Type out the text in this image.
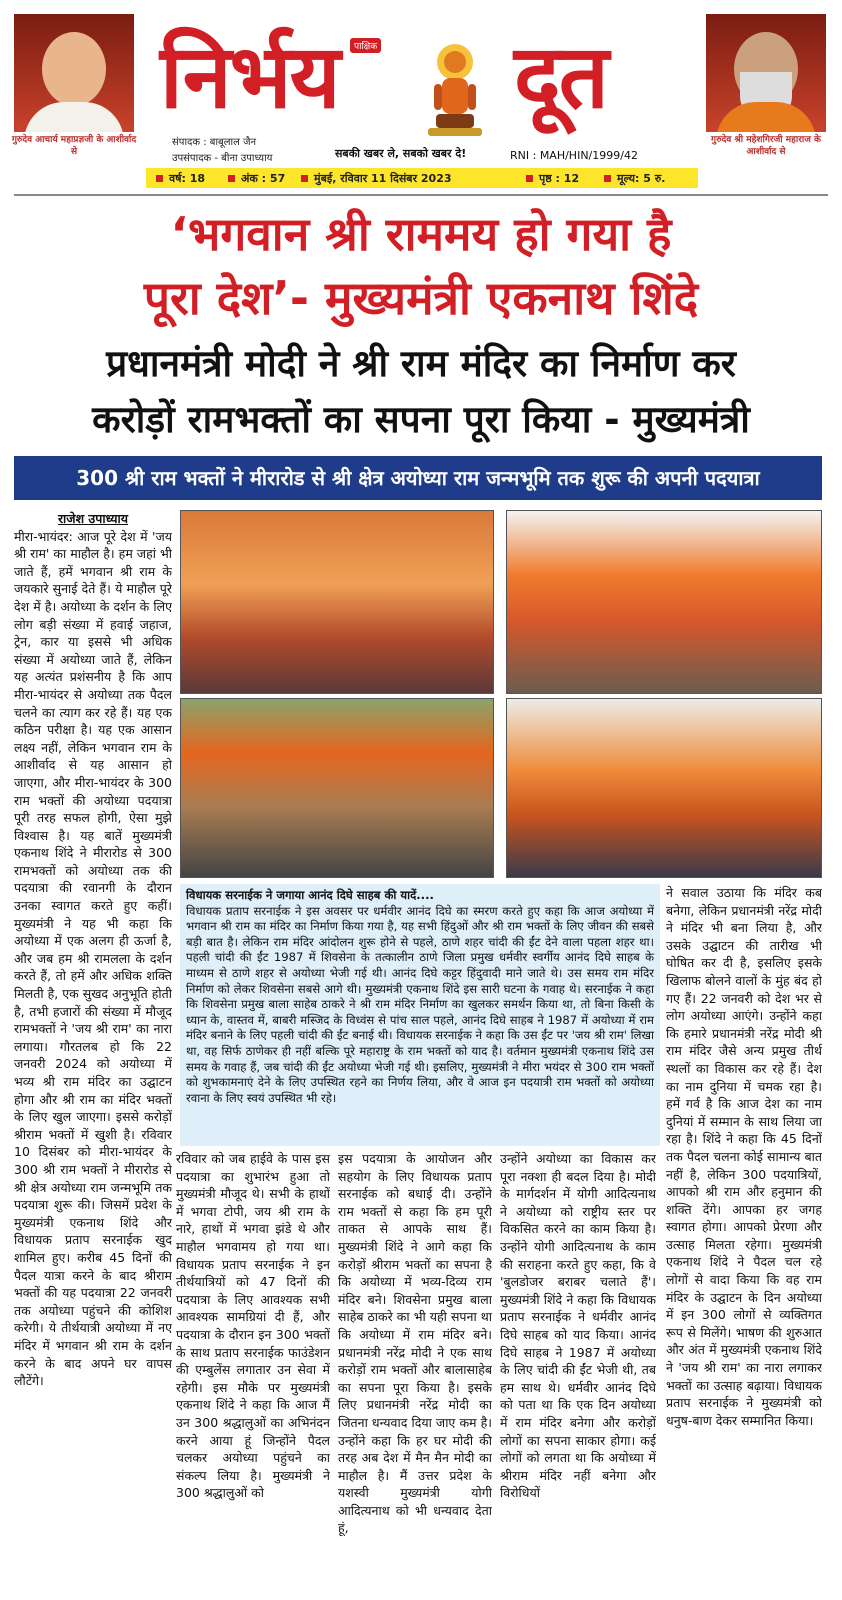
गुरुदेव आचार्य महाप्रज्ञजी के आशीर्वाद से
गुरुदेव श्री महेशगिरजी महाराज के आशीर्वाद से
निर्भय	पाक्षिक दूत
संपादक : बाबूलाल जैन
उपसंपादक - बीना उपाध्याय	सबकी खबर ले, सबको खबर दे!	RNI : MAH/HIN/1999/42
वर्ष: 18	अंक : 57	मुंबई, रविवार 11 दिसंबर 2023	पृष्ठ : 12	मूल्य: 5 रु.
‘भगवान श्री राममय हो गया है
पूरा देश’- मुख्यमंत्री एकनाथ शिंदे
प्रधानमंत्री मोदी ने श्री राम मंदिर का निर्माण कर
करोड़ों रामभक्तों का सपना पूरा किया - मुख्यमंत्री
300 श्री राम भक्तों ने मीरारोड से श्री क्षेत्र अयोध्या राम जन्मभूमि तक शुरू की अपनी पदयात्रा
राजेश उपाध्याय
मीरा-भायंदर: आज पूरे देश में 'जय श्री राम' का माहौल है। हम जहां भी जाते हैं, हमें भगवान श्री राम के जयकारे सुनाई देते हैं। ये माहौल पूरे देश में है। अयोध्या के दर्शन के लिए लोग बड़ी संख्या में हवाई जहाज, ट्रेन, कार या इससे भी अधिक संख्या में अयोध्या जाते हैं, लेकिन यह अत्यंत प्रशंसनीय है कि आप मीरा-भायंदर से अयोध्या तक पैदल चलने का त्याग कर रहे हैं। यह एक कठिन परीक्षा है। यह एक आसान लक्ष्य नहीं, लेकिन भगवान राम के आशीर्वाद से यह आसान हो जाएगा, और मीरा-भायंदर के 300 राम भक्तों की अयोध्या पदयात्रा पूरी तरह सफल होगी, ऐसा मुझे विश्वास है। यह बातें मुख्यमंत्री एकनाथ शिंदे ने मीरारोड से 300 रामभक्तों को अयोध्या तक की पदयात्रा की रवानगी के दौरान उनका स्वागत करते हुए कहीं। मुख्यमंत्री ने यह भी कहा कि अयोध्या में एक अलग ही ऊर्जा है, और जब हम श्री रामलला के दर्शन करते हैं, तो हमें और अधिक शक्ति मिलती है, एक सुखद अनुभूति होती है, तभी हजारों की संख्या में मौजूद रामभक्तों ने 'जय श्री राम' का नारा लगाया। गौरतलब हो कि 22 जनवरी 2024 को अयोध्या में भव्य श्री राम मंदिर का उद्घाटन होगा और श्री राम का मंदिर भक्तों के लिए खुल जाएगा। इससे करोड़ों श्रीराम भक्तों में खुशी है। रविवार 10 दिसंबर को मीरा-भायंदर के 300 श्री राम भक्तों ने मीरारोड से श्री क्षेत्र अयोध्या राम जन्मभूमि तक पदयात्रा शुरू की। जिसमें प्रदेश के मुख्यमंत्री एकनाथ शिंदे और विधायक प्रताप सरनाईक खुद शामिल हुए। करीब 45 दिनों की पैदल यात्रा करने के बाद श्रीराम भक्तों की यह पदयात्रा 22 जनवरी तक अयोध्या पहुंचने की कोशिश करेगी। ये तीर्थयात्री अयोध्या में नए मंदिर में भगवान श्री राम के दर्शन करने के बाद अपने घर वापस लौटेंगे।

विधायक सरनाईक ने जगाया आनंद दिघे साहब की यादें....

विधायक प्रताप सरनाईक ने इस अवसर पर धर्मवीर आनंद दिघे का स्मरण करते हुए कहा कि आज अयोध्या में भगवान श्री राम का मंदिर का निर्माण किया गया है, यह सभी हिंदुओं और श्री राम भक्तों के लिए जीवन की सबसे बड़ी बात है। लेकिन राम मंदिर आंदोलन शुरू होने से पहले, ठाणे शहर चांदी की ईंट देने वाला पहला शहर था। पहली चांदी की ईंट 1987 में शिवसेना के तत्कालीन ठाणे जिला प्रमुख धर्मवीर स्वर्गीय आनंद दिघे साहब के माध्यम से ठाणे शहर से अयोध्या भेजी गई थी। आनंद दिघे कट्टर हिंदुवादी माने जाते थे। उस समय राम मंदिर निर्माण को लेकर शिवसेना सबसे आगे थी। मुख्यमंत्री एकनाथ शिंदे इस सारी घटना के गवाह थे। सरनाईक ने कहा कि शिवसेना प्रमुख बाला साहेब ठाकरे ने श्री राम मंदिर निर्माण का खुलकर समर्थन किया था, तो बिना किसी के ध्यान के, वास्तव में, बाबरी मस्जिद के विध्वंस से पांच साल पहले, आनंद दिघे साहब ने 1987 में अयोध्या में राम मंदिर बनाने के लिए पहली चांदी की ईंट बनाई थी। विधायक सरनाईक ने कहा कि उस ईंट पर 'जय श्री राम' लिखा था, वह सिर्फ ठाणेकर ही नहीं बल्कि पूरे महाराष्ट्र के राम भक्तों को याद है। वर्तमान मुख्यमंत्री एकनाथ शिंदे उस समय के गवाह हैं, जब चांदी की ईंट अयोध्या भेजी गई थी। इसलिए, मुख्यमंत्री ने मीरा भयंदर से 300 राम भक्तों को शुभकामनाएं देने के लिए उपस्थित रहने का निर्णय लिया, और वे आज इन पदयात्री राम भक्तों को अयोध्या रवाना के लिए स्वयं उपस्थित भी रहे।

ने सवाल उठाया कि मंदिर कब बनेगा, लेकिन प्रधानमंत्री नरेंद्र मोदी ने मंदिर भी बना लिया है, और उसके उद्घाटन की तारीख भी घोषित कर दी है, इसलिए इसके खिलाफ बोलने वालों के मुंह बंद हो गए हैं। 22 जनवरी को देश भर से लोग अयोध्या आएंगे। उन्होंने कहा कि हमारे प्रधानमंत्री नरेंद्र मोदी श्री राम मंदिर जैसे अन्य प्रमुख तीर्थ स्थलों का विकास कर रहे हैं। देश का नाम दुनिया में चमक रहा है। हमें गर्व है कि आज देश का नाम दुनियां में सम्मान के साथ लिया जा रहा है। शिंदे ने कहा कि 45 दिनों तक पैदल चलना कोई सामान्य बात नहीं है, लेकिन 300 पदयात्रियों, आपको श्री राम और हनुमान की शक्ति देंगे। आपका हर जगह स्वागत होगा। आपको प्रेरणा और उत्साह मिलता रहेगा। मुख्यमंत्री एकनाथ शिंदे ने पैदल चल रहे लोगों से वादा किया कि वह राम मंदिर के उद्घाटन के दिन अयोध्या में इन 300 लोगों से व्यक्तिगत रूप से मिलेंगे। भाषण की शुरुआत और अंत में मुख्यमंत्री एकनाथ शिंदे ने 'जय श्री राम' का नारा लगाकर भक्तों का उत्साह बढ़ाया। विधायक प्रताप सरनाईक ने मुख्यमंत्री को धनुष-बाण देकर सम्मानित किया।
रविवार को जब हाईवे के पास इस पदयात्रा का शुभारंभ हुआ तो मुख्यमंत्री मौजूद थे। सभी के हाथों में भगवा टोपी, जय श्री राम के नारे, हाथों में भगवा झंडे थे और माहौल भगवामय हो गया था। विधायक प्रताप सरनाईक ने इन तीर्थयात्रियों को 47 दिनों की पदयात्रा के लिए आवश्यक सभी आवश्यक सामग्रियां दी हैं, और पदयात्रा के दौरान इन 300 भक्तों के साथ प्रताप सरनाईक फाउंडेशन की एम्बुलेंस लगातार उन सेवा में रहेगी। इस मौके पर मुख्यमंत्री एकनाथ शिंदे ने कहा कि आज मैं उन 300 श्रद्धालुओं का अभिनंदन करने आया हूं जिन्होंने पैदल चलकर अयोध्या पहुंचने का संकल्प लिया है। मुख्यमंत्री ने 300 श्रद्धालुओं को
इस पदयात्रा के आयोजन और सहयोग के लिए विधायक प्रताप सरनाईक को बधाई दी। उन्होंने राम भक्तों से कहा कि हम पूरी ताकत से आपके साथ हैं। मुख्यमंत्री शिंदे ने आगे कहा कि करोड़ों श्रीराम भक्तों का सपना है कि अयोध्या में भव्य-दिव्य राम मंदिर बने। शिवसेना प्रमुख बाला साहेब ठाकरे का भी यही सपना था कि अयोध्या में राम मंदिर बने। प्रधानमंत्री नरेंद्र मोदी ने एक साथ करोड़ों राम भक्तों और बालासाहेब का सपना पूरा किया है। इसके लिए प्रधानमंत्री नरेंद्र मोदी का जितना धन्यवाद दिया जाए कम है। उन्होंने कहा कि हर घर मोदी की तरह अब देश में मैन मैन मोदी का माहौल है। मैं उत्तर प्रदेश के यशस्वी मुख्यमंत्री योगी आदित्यनाथ को भी धन्यवाद देता हूं,
उन्होंने अयोध्या का विकास कर पूरा नक्शा ही बदल दिया है। मोदी के मार्गदर्शन में योगी आदित्यनाथ ने अयोध्या को राष्ट्रीय स्तर पर विकसित करने का काम किया है। उन्होंने योगी आदित्यनाथ के काम की सराहना करते हुए कहा, कि वे 'बुलडोजर बराबर चलाते हैं'। मुख्यमंत्री शिंदे ने कहा कि विधायक प्रताप सरनाईक ने धर्मवीर आनंद दिघे साहब को याद किया। आनंद दिघे साहब ने 1987 में अयोध्या के लिए चांदी की ईंट भेजी थी, तब हम साथ थे। धर्मवीर आनंद दिघे को पता था कि एक दिन अयोध्या में राम मंदिर बनेगा और करोड़ों लोगों का सपना साकार होगा। कई लोगों को लगता था कि अयोध्या में श्रीराम मंदिर नहीं बनेगा और विरोधियों
